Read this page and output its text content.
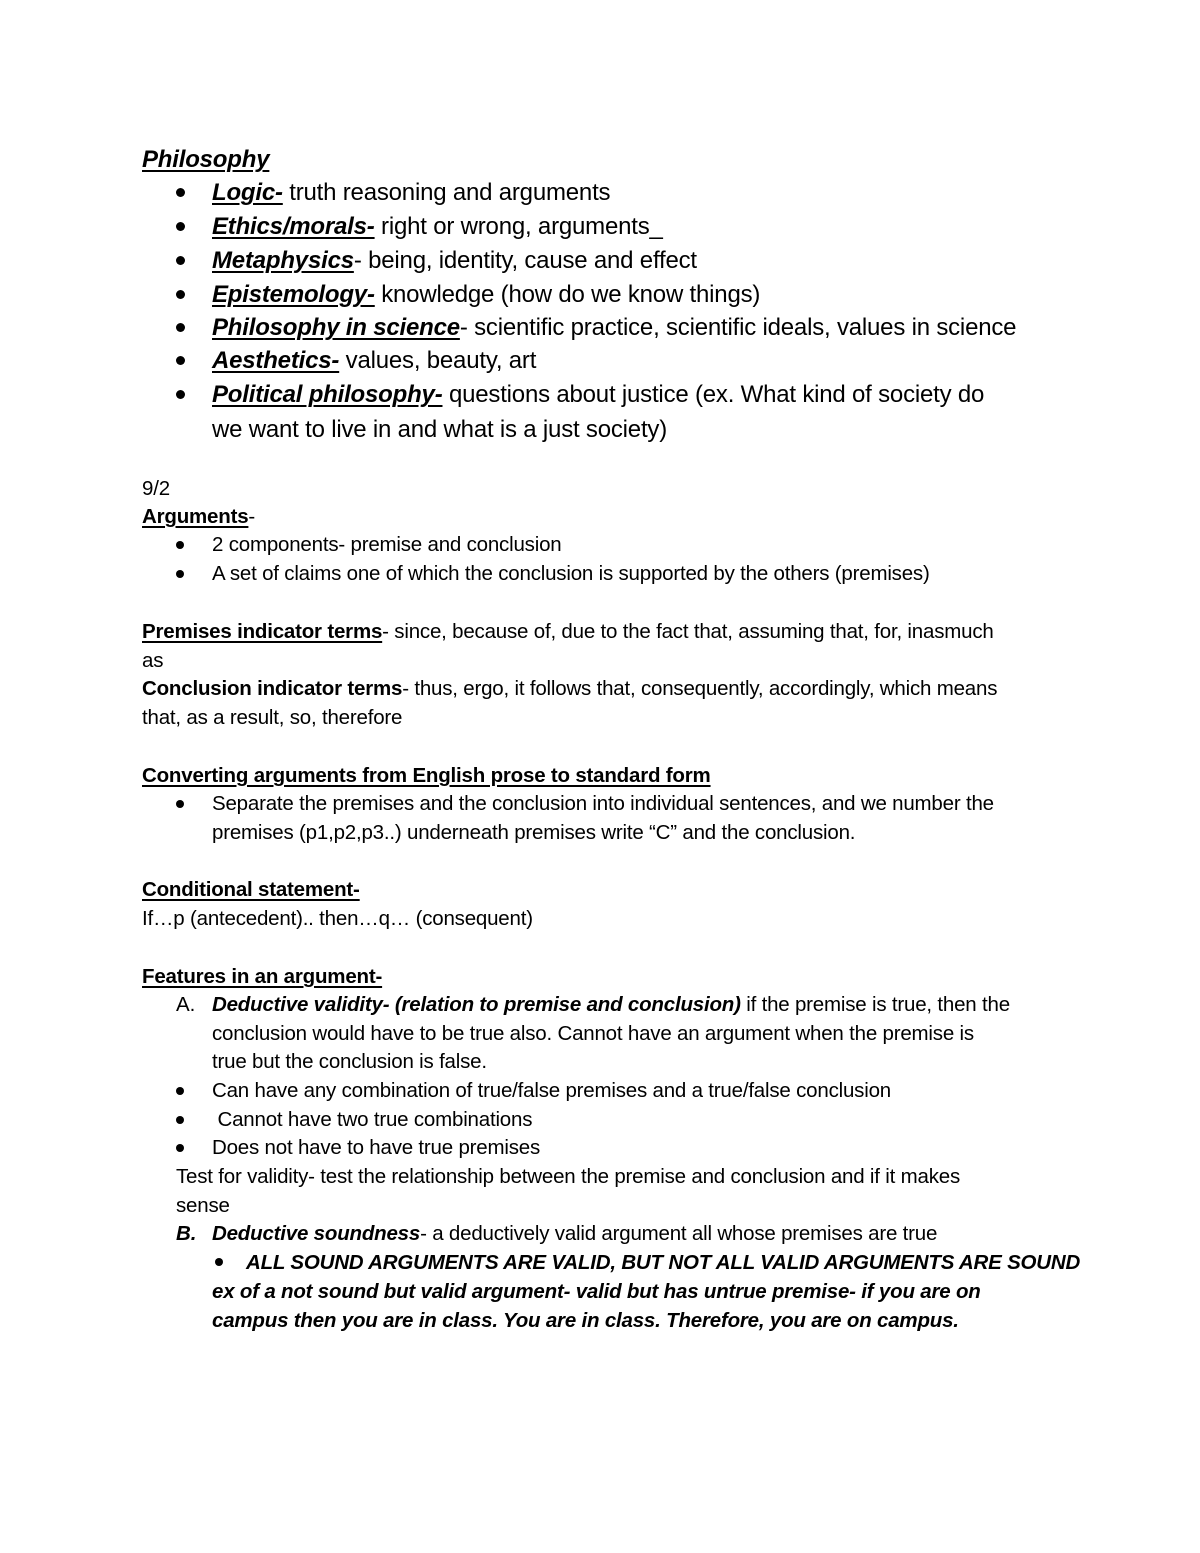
Philosophy
Logic- truth reasoning and arguments
Ethics/morals- right or wrong, arguments_
Metaphysics- being, identity, cause and effect
Epistemology- knowledge (how do we know things)
Philosophy in science- scientific practice, scientific ideals, values in science
Aesthetics- values, beauty, art
Political philosophy- questions about justice (ex. What kind of society do
we want to live in and what is a just society)
9/2
Arguments-
2 components- premise and conclusion
A set of claims one of which the conclusion is supported by the others (premises)
Premises indicator terms- since, because of, due to the fact that, assuming that, for, inasmuch
as
Conclusion indicator terms- thus, ergo, it follows that, consequently, accordingly, which means
that, as a result, so, therefore
Converting arguments from English prose to standard form
Separate the premises and the conclusion into individual sentences, and we number the
premises (p1,p2,p3..) underneath premises write “C” and the conclusion.
Conditional statement-
If…p (antecedent).. then…q… (consequent)
Features in an argument-
A. Deductive validity- (relation to premise and conclusion) if the premise is true, then the
conclusion would have to be true also. Cannot have an argument when the premise is
true but the conclusion is false.
Can have any combination of true/false premises and a true/false conclusion
Cannot have two true combinations
Does not have to have true premises
Test for validity- test the relationship between the premise and conclusion and if it makes
sense
B. Deductive soundness- a deductively valid argument all whose premises are true
ALL SOUND ARGUMENTS ARE VALID, BUT NOT ALL VALID ARGUMENTS ARE SOUND
ex of a not sound but valid argument- valid but has untrue premise- if you are on
campus then you are in class. You are in class. Therefore, you are on campus.
